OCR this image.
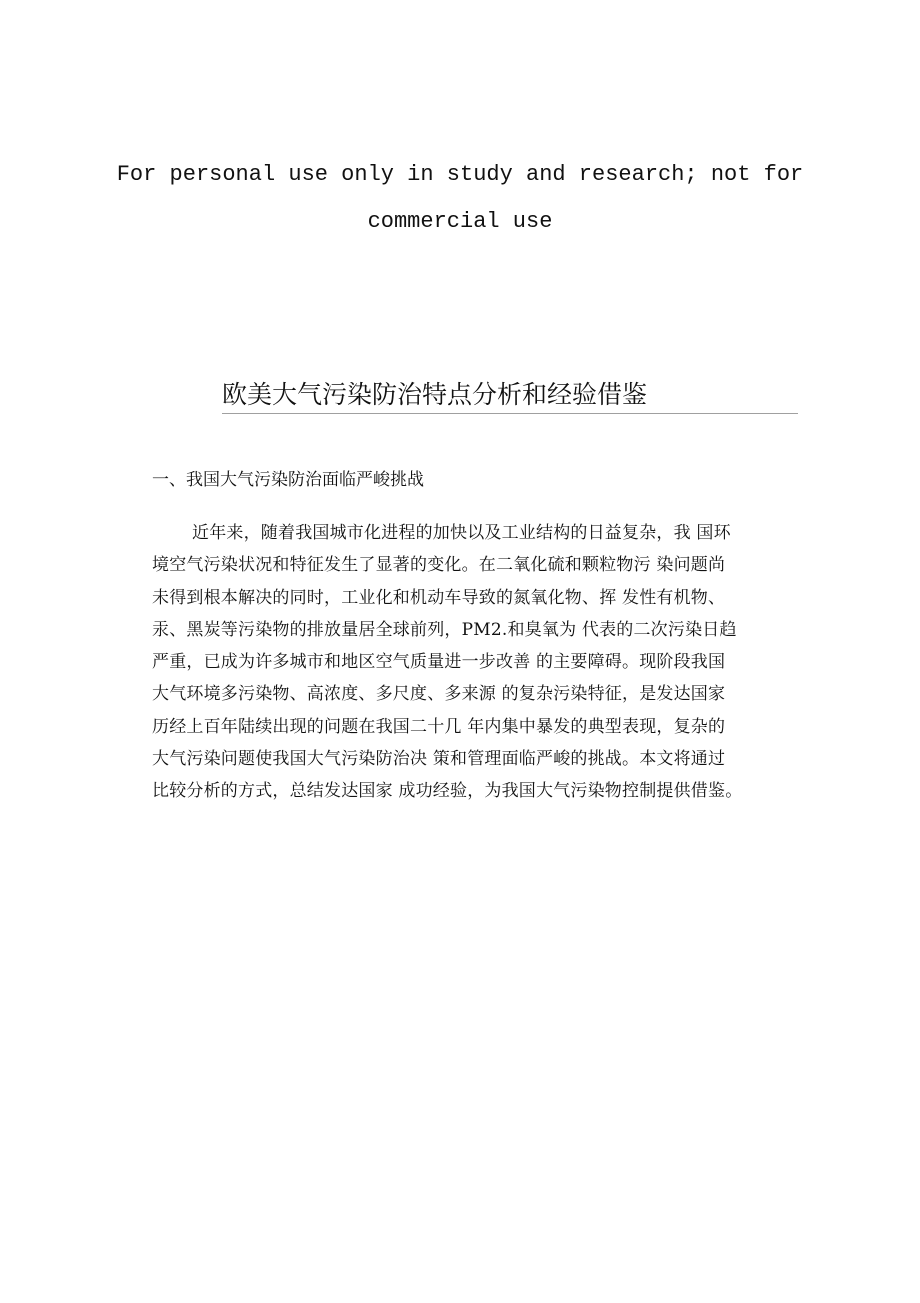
For personal use only in study and research; not for
commercial use
欧美大气污染防治特点分析和经验借鉴
一、我国大气污染防治面临严峻挑战
近年来，随着我国城市化进程的加快以及工业结构的日益复杂，我 国环
境空气污染状况和特征发生了显著的变化。在二氧化硫和颗粒物污 染问题尚
未得到根本解决的同时，工业化和机动车导致的氮氧化物、挥 发性有机物、
汞、黑炭等污染物的排放量居全球前列，PM2.和臭氧为 代表的二次污染日趋
严重，已成为许多城市和地区空气质量进一步改善 的主要障碍。现阶段我国
大气环境多污染物、高浓度、多尺度、多来源 的复杂污染特征，是发达国家
历经上百年陆续出现的问题在我国二十几 年内集中暴发的典型表现，复杂的
大气污染问题使我国大气污染防治决 策和管理面临严峻的挑战。本文将通过
比较分析的方式，总结发达国家 成功经验，为我国大气污染物控制提供借鉴。
